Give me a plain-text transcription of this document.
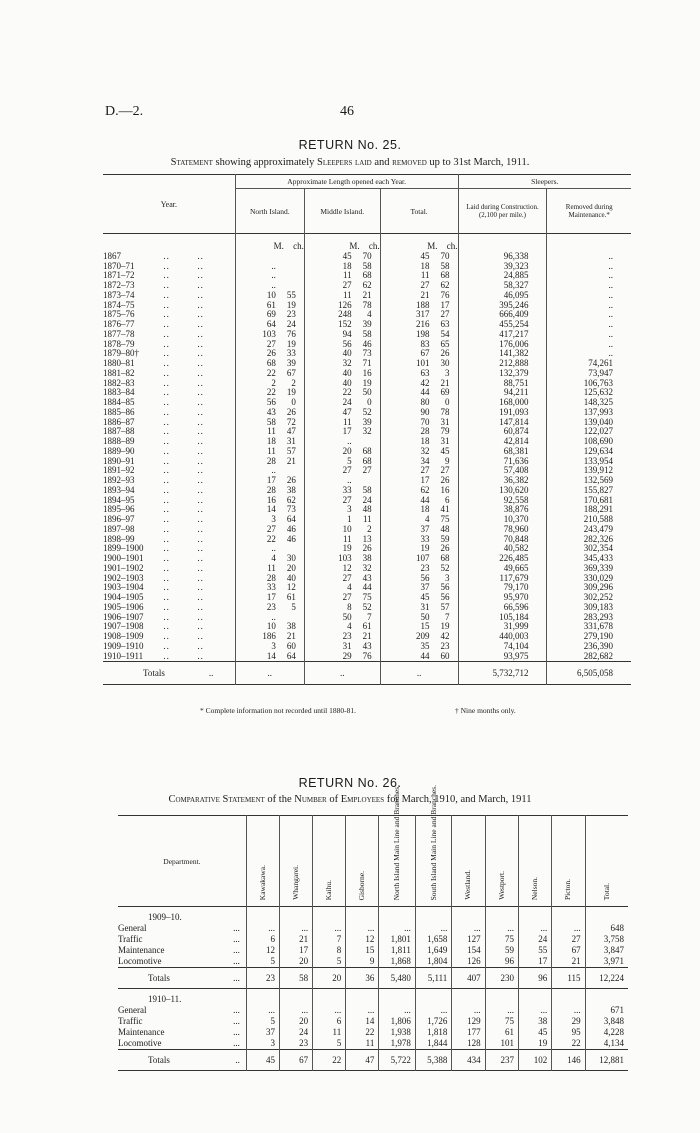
D.—2.	46
RETURN No. 25.
Statement showing approximately Sleepers laid and removed up to 31st March, 1911.
Year.			Approximate Length opened each Year.			Sleepers.	
			North Island.	Middle Island.	Total.	Laid during Construction. (2,100 per mile.)	Removed during Maintenance.*
			M. ch.	M. ch.	M. ch.		
1867	..	..		45 70	45 70	96,338	..
1870–71	..	..	..	18 58	18 58	39,323	..
1871–72	..	..	..	11 68	11 68	24,885	..
1872–73	..	..	..	27 62	27 62	58,327	..
1873–74	..	..	10 55	11 21	21 76	46,095	..
1874–75	..	..	61 19	126 78	188 17	395,246	..
1875–76	..	..	69 23	248 4	317 27	666,409	..
1876–77	..	..	64 24	152 39	216 63	455,254	..
1877–78	..	..	103 76	94 58	198 54	417,217	..
1878–79	..	..	27 19	56 46	83 65	176,006	..
1879–80†	..	..	26 33	40 73	67 26	141,382	..
1880–81	..	..	68 39	32 71	101 30	212,888	74,261
1881–82	..	..	22 67	40 16	63 3	132,379	73,947
1882–83	..	..	2 2	40 19	42 21	88,751	106,763
1883–84	..	..	22 19	22 50	44 69	94,211	125,632
1884–85	..	..	56 0	24 0	80 0	168,000	148,325
1885–86	..	..	43 26	47 52	90 78	191,093	137,993
1886–87	..	..	58 72	11 39	70 31	147,814	139,040
1887–88	..	..	11 47	17 32	28 79	60,874	122,027
1888–89	..	..	18 31	..	18 31	42,814	108,690
1889–90	..	..	11 57	20 68	32 45	68,381	129,634
1890–91	..	..	28 21	5 68	34 9	71,636	133,954
1891–92	..	..	..	27 27	27 27	57,408	139,912
1892–93	..	..	17 26	..	17 26	36,382	132,569
1893–94	..	..	28 38	33 58	62 16	130,620	155,827
1894–95	..	..	16 62	27 24	44 6	92,558	170,681
1895–96	..	..	14 73	3 48	18 41	38,876	188,291
1896–97	..	..	3 64	1 11	4 75	10,370	210,588
1897–98	..	..	27 46	10 2	37 48	78,960	243,479
1898–99	..	..	22 46	11 13	33 59	70,848	282,326
1899–1900	..	..	..	19 26	19 26	40,582	302,354
1900–1901	..	..	4 30	103 38	107 68	226,485	345,433
1901–1902	..	..	11 20	12 32	23 52	49,665	369,339
1902–1903	..	..	28 40	27 43	56 3	117,679	330,029
1903–1904	..	..	33 12	4 44	37 56	79,170	309,296
1904–1905	..	..	17 61	27 75	45 56	95,970	302,252
1905–1906	..	..	23 5	8 52	31 57	66,596	309,183
1906–1907	..	..	..	50 7	50 7	105,184	283,293
1907–1908	..	..	10 38	4 61	15 19	31,999	331,678
1908–1909	..	..	186 21	23 21	209 42	440,003	279,190
1909–1910	..	..	3 60	31 43	35 23	74,104	236,390
1910–1911	..	..	14 64	29 76	44 60	93,975	282,682
Totals ..			..	..	..	5,732,712	6,505,058
* Complete information not recorded until 1880-81.	† Nine months only.
RETURN No. 26.
Comparative Statement of the Number of Employees for March, 1910, and March, 1911
Department.		Kawakawa.	Whangarei.	Kaihu.	Gisborne.	North Island Main Line and Branches.	South Island Main Line and Branches.	Westland.	Westport.	Nelson.	Picton.	Total.

1909–10.												
General	...	...	...	...	...	...	...	...	...	...	...	648
Traffic	...	6	21	7	12	1,801	1,658	127	75	24	27	3,758
Maintenance	...	12	17	8	15	1,811	1,649	154	59	55	67	3,847
Locomotive	...	5	20	5	9	1,868	1,804	126	96	17	21	3,971
Totals	...	23	58	20	36	5,480	5,111	407	230	96	115	12,224
1910–11.												
General	...	...	...	...	...	...	...	...	...	...	...	671
Traffic	...	5	20	6	14	1,806	1,726	129	75	38	29	3,848
Maintenance	...	37	24	11	22	1,938	1,818	177	61	45	95	4,228
Locomotive	...	3	23	5	11	1,978	1,844	128	101	19	22	4,134
Totals	..	45	67	22	47	5,722	5,388	434	237	102	146	12,881
